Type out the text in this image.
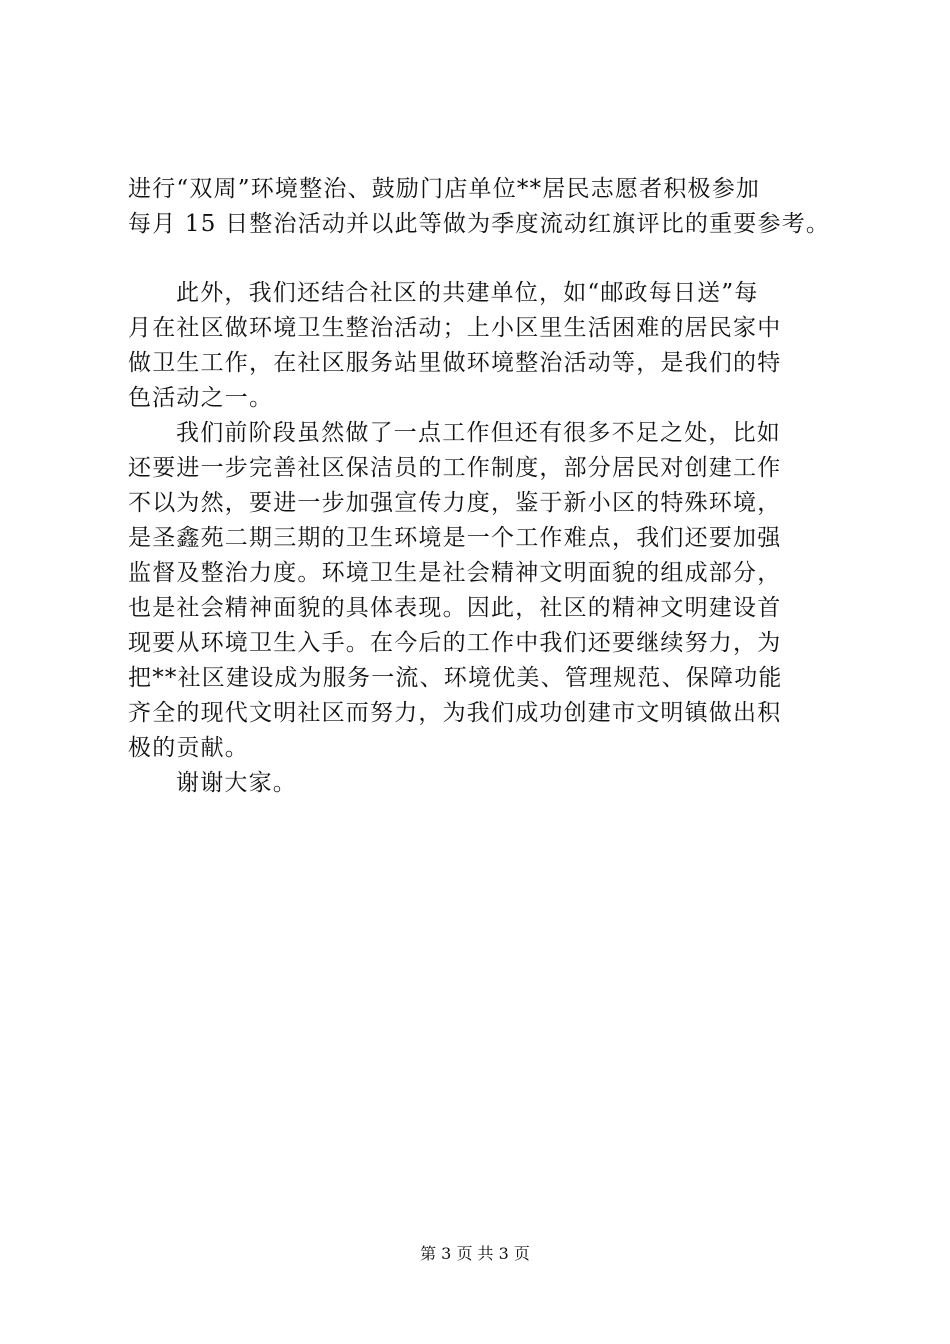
进行“双周”环境整治、鼓励门店单位**居民志愿者积极参加
每月 15 日整治活动并以此等做为季度流动红旗评比的重要参考。
此外，我们还结合社区的共建单位，如“邮政每日送”每
月在社区做环境卫生整治活动；上小区里生活困难的居民家中
做卫生工作，在社区服务站里做环境整治活动等，是我们的特
色活动之一。
我们前阶段虽然做了一点工作但还有很多不足之处，比如
还要进一步完善社区保洁员的工作制度，部分居民对创建工作
不以为然，要进一步加强宣传力度，鉴于新小区的特殊环境，
是圣鑫苑二期三期的卫生环境是一个工作难点，我们还要加强
监督及整治力度。环境卫生是社会精神文明面貌的组成部分，
也是社会精神面貌的具体表现。因此，社区的精神文明建设首
现要从环境卫生入手。在今后的工作中我们还要继续努力，为
把**社区建设成为服务一流、环境优美、管理规范、保障功能
齐全的现代文明社区而努力，为我们成功创建市文明镇做出积
极的贡献。
谢谢大家。
第 3 页 共 3 页
